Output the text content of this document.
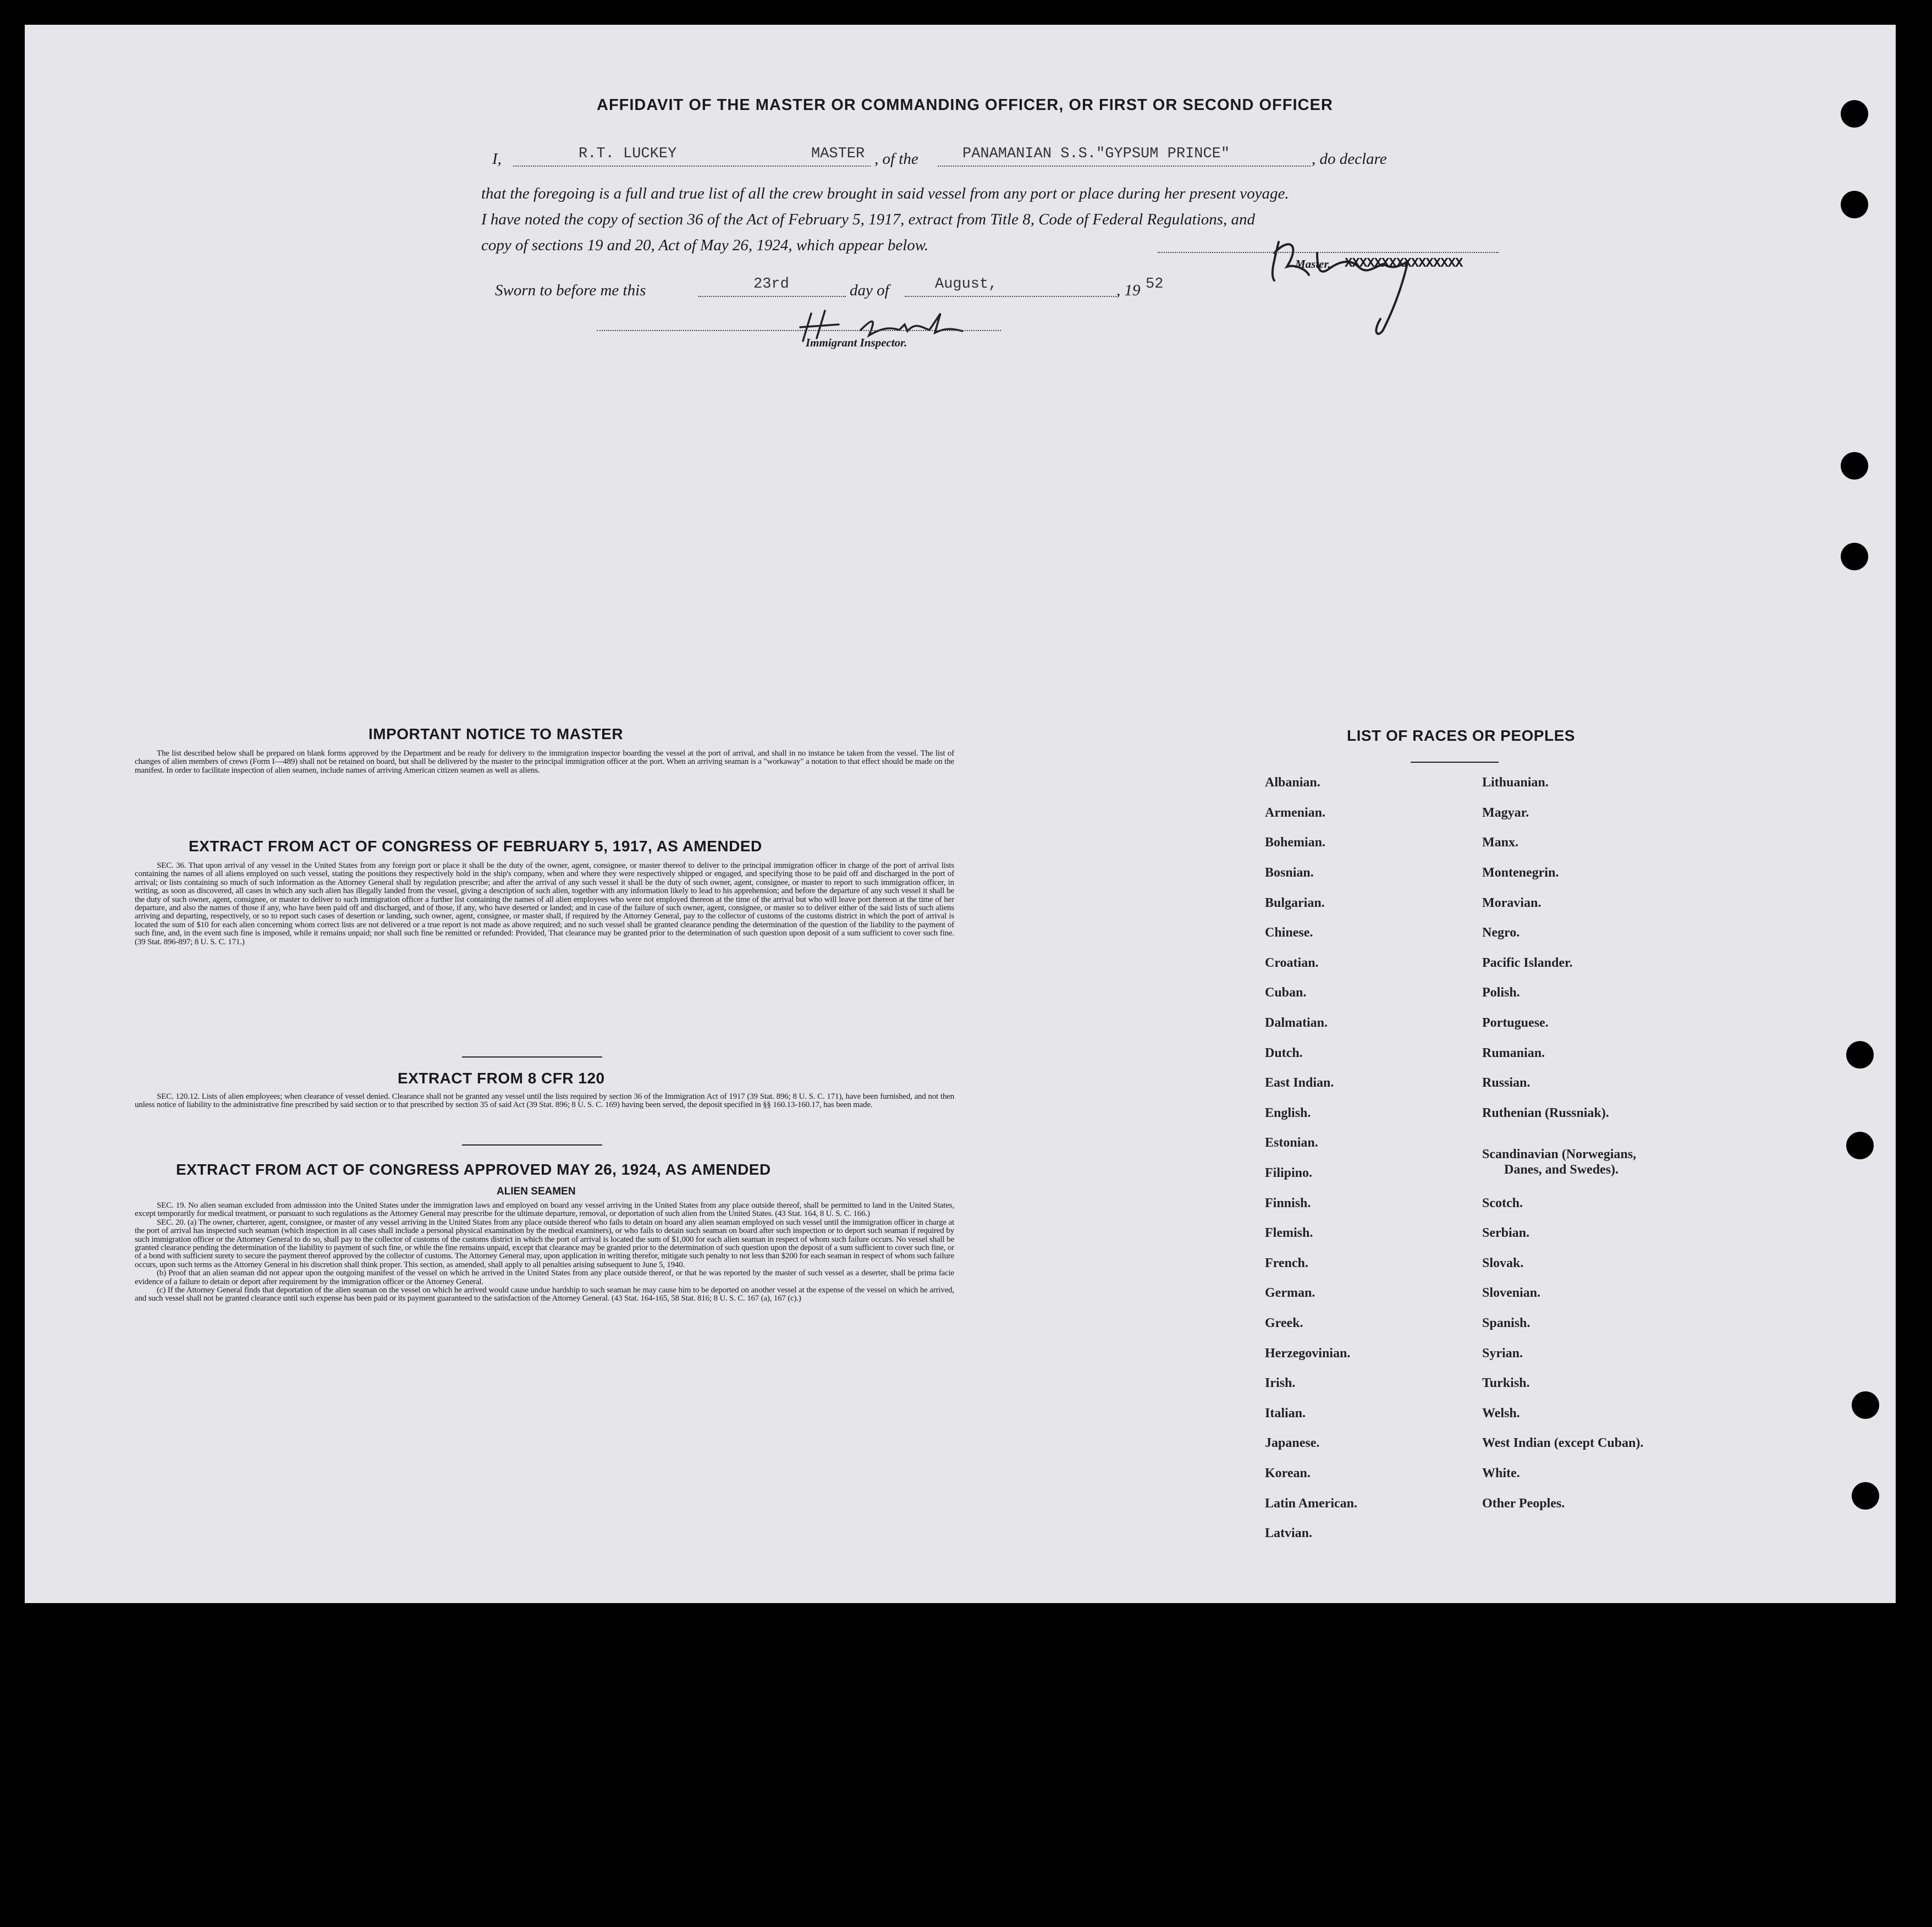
AFFIDAVIT OF THE MASTER OR COMMANDING OFFICER, OR FIRST OR SECOND OFFICER
I,	R.T. LUCKEY	MASTER , of the	PANAMANIAN S.S."GYPSUM PRINCE"	, do declare
that the foregoing is a full and true list of all the crew brought in said vessel from any port or place during her present voyage.
I have noted the copy of section 36 of the Act of February 5, 1917, extract from Title 8, Code of Federal Regulations, and
copy of sections 19 and 20, Act of May 26, 1924, which appear below.
Master, XXXXXXXXXXXXXXXX
Sworn to before me this	23rd	day of	August,	, 19 52
Immigrant Inspector.
IMPORTANT NOTICE TO MASTER

The list described below shall be prepared on blank forms approved by the Department and be ready for delivery to the immigration inspector boarding the vessel at the port of arrival, and shall in no instance be taken from the vessel. The list of changes of alien members of crews (Form I—489) shall not be retained on board, but shall be delivered by the master to the principal immigration officer at the port. When an arriving seaman is a "workaway" a notation to that effect should be made on the manifest. In order to facilitate inspection of alien seamen, include names of arriving American citizen seamen as well as aliens.

EXTRACT FROM ACT OF CONGRESS OF FEBRUARY 5, 1917, AS AMENDED

SEC. 36. That upon arrival of any vessel in the United States from any foreign port or place it shall be the duty of the owner, agent, consignee, or master thereof to deliver to the principal immigration officer in charge of the port of arrival lists containing the names of all aliens employed on such vessel, stating the positions they respectively hold in the ship's company, when and where they were respectively shipped or engaged, and specifying those to be paid off and discharged in the port of arrival; or lists containing so much of such information as the Attorney General shall by regulation prescribe; and after the arrival of any such vessel it shall be the duty of such owner, agent, consignee, or master to report to such immigration officer, in writing, as soon as discovered, all cases in which any such alien has illegally landed from the vessel, giving a description of such alien, together with any information likely to lead to his apprehension; and before the departure of any such vessel it shall be the duty of such owner, agent, consignee, or master to deliver to such immigration officer a further list containing the names of all alien employees who were not employed thereon at the time of the arrival but who will leave port thereon at the time of her departure, and also the names of those if any, who have been paid off and discharged, and of those, if any, who have deserted or landed; and in case of the failure of such owner, agent, consignee, or master so to deliver either of the said lists of such aliens arriving and departing, respectively, or so to report such cases of desertion or landing, such owner, agent, consignee, or master shall, if required by the Attorney General, pay to the collector of customs of the customs district in which the port of arrival is located the sum of $10 for each alien concerning whom correct lists are not delivered or a true report is not made as above required; and no such vessel shall be granted clearance pending the determination of the question of the liability to the payment of such fine, and, in the event such fine is imposed, while it remains unpaid; nor shall such fine be remitted or refunded: Provided, That clearance may be granted prior to the determination of such question upon deposit of a sum sufficient to cover such fine. (39 Stat. 896-897; 8 U. S. C. 171.)

EXTRACT FROM 8 CFR 120

SEC. 120.12. Lists of alien employees; when clearance of vessel denied. Clearance shall not be granted any vessel until the lists required by section 36 of the Immigration Act of 1917 (39 Stat. 896; 8 U. S. C. 171), have been furnished, and not then unless notice of liability to the administrative fine prescribed by said section or to that prescribed by section 35 of said Act (39 Stat. 896; 8 U. S. C. 169) having been served, the deposit specified in §§ 160.13-160.17, has been made.

EXTRACT FROM ACT OF CONGRESS APPROVED MAY 26, 1924, AS AMENDED
ALIEN SEAMEN

SEC. 19. No alien seaman excluded from admission into the United States under the immigration laws and employed on board any vessel arriving in the United States from any place outside thereof, shall be permitted to land in the United States, except temporarily for medical treatment, or pursuant to such regulations as the Attorney General may prescribe for the ultimate departure, removal, or deportation of such alien from the United States. (43 Stat. 164, 8 U. S. C. 166.)

SEC. 20. (a) The owner, charterer, agent, consignee, or master of any vessel arriving in the United States from any place outside thereof who fails to detain on board any alien seaman employed on such vessel until the immigration officer in charge at the port of arrival has inspected such seaman (which inspection in all cases shall include a personal physical examination by the medical examiners), or who fails to detain such seaman on board after such inspection or to deport such seaman if required by such immigration officer or the Attorney General to do so, shall pay to the collector of customs of the customs district in which the port of arrival is located the sum of $1,000 for each alien seaman in respect of whom such failure occurs. No vessel shall be granted clearance pending the determination of the liability to payment of such fine, or while the fine remains unpaid, except that clearance may be granted prior to the determination of such question upon the deposit of a sum sufficient to cover such fine, or of a bond with sufficient surety to secure the payment thereof approved by the collector of customs. The Attorney General may, upon application in writing therefor, mitigate such penalty to not less than $200 for each seaman in respect of whom such failure occurs, upon such terms as the Attorney General in his discretion shall think proper. This section, as amended, shall apply to all penalties arising subsequent to June 5, 1940.

(b) Proof that an alien seaman did not appear upon the outgoing manifest of the vessel on which he arrived in the United States from any place outside thereof, or that he was reported by the master of such vessel as a deserter, shall be prima facie evidence of a failure to detain or deport after requirement by the immigration officer or the Attorney General.

(c) If the Attorney General finds that deportation of the alien seaman on the vessel on which he arrived would cause undue hardship to such seaman he may cause him to be deported on another vessel at the expense of the vessel on which he arrived, and such vessel shall not be granted clearance until such expense has been paid or its payment guaranteed to the satisfaction of the Attorney General. (43 Stat. 164-165, 58 Stat. 816; 8 U. S. C. 167 (a), 167 (c).)

LIST OF RACES OR PEOPLES
Albanian.
Armenian.
Bohemian.
Bosnian.
Bulgarian.
Chinese.
Croatian.
Cuban.
Dalmatian.
Dutch.
East Indian.
English.
Estonian.
Filipino.
Finnish.
Flemish.
French.
German.
Greek.
Herzegovinian.
Irish.
Italian.
Japanese.
Korean.
Latin American.
Latvian.
Lithuanian.
Magyar.
Manx.
Montenegrin.
Moravian.
Negro.
Pacific Islander.
Polish.
Portuguese.
Rumanian.
Russian.
Ruthenian (Russniak).
Scandinavian (Norwegians,
Danes, and Swedes).
Scotch.
Serbian.
Slovak.
Slovenian.
Spanish.
Syrian.
Turkish.
Welsh.
West Indian (except Cuban).
White.
Other Peoples.
